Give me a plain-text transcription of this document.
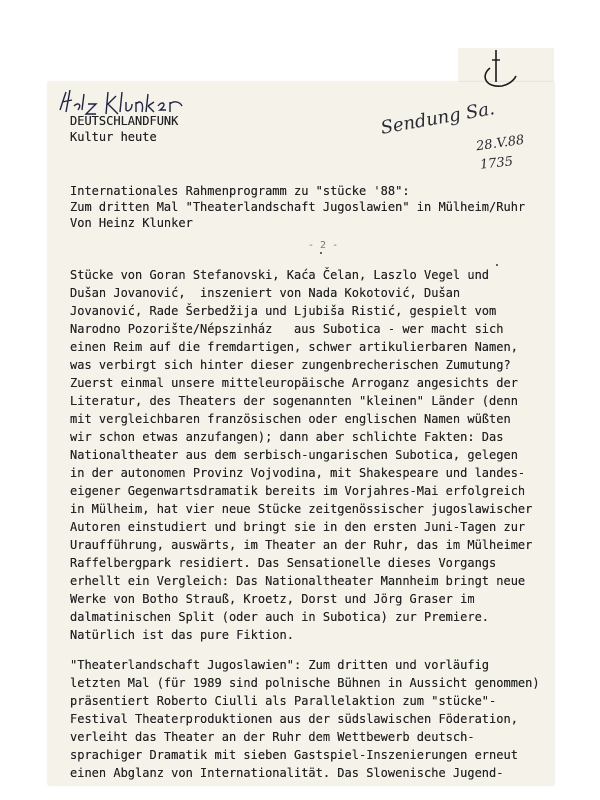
DEUTSCHLANDFUNK

Kultur heute	Sendung Sa.

28.V.88

1735

Internationales Rahmenprogramm zu "stücke '88":

Zum dritten Mal "Theaterlandschaft Jugoslawien" in Mülheim/Ruhr

Von Heinz Klunker

- 2 -

Stücke von Goran Stefanovski, Kaća Čelan, Laszlo Vegel und

Dušan Jovanović,  inszeniert von Nada Kokotović, Dušan

Jovanović, Rade Šerbedžija und Ljubiša Ristić, gespielt vom

Narodno Pozorište/Népszinház   aus Subotica - wer macht sich

einen Reim auf die fremdartigen, schwer artikulierbaren Namen,

was verbirgt sich hinter dieser zungenbrecherischen Zumutung?

Zuerst einmal unsere mitteleuropäische Arroganz angesichts der

Literatur, des Theaters der sogenannten "kleinen" Länder (denn

mit vergleichbaren französischen oder englischen Namen wüßten

wir schon etwas anzufangen); dann aber schlichte Fakten: Das

Nationaltheater aus dem serbisch-ungarischen Subotica, gelegen

in der autonomen Provinz Vojvodina, mit Shakespeare und landes-

eigener Gegenwartsdramatik bereits im Vorjahres-Mai erfolgreich

in Mülheim, hat vier neue Stücke zeitgenössischer jugoslawischer

Autoren einstudiert und bringt sie in den ersten Juni-Tagen zur

Uraufführung, auswärts, im Theater an der Ruhr, das im Mülheimer

Raffelbergpark residiert. Das Sensationelle dieses Vorgangs

erhellt ein Vergleich: Das Nationaltheater Mannheim bringt neue

Werke von Botho Strauß, Kroetz, Dorst und Jörg Graser im

dalmatinischen Split (oder auch in Subotica) zur Premiere.

Natürlich ist das pure Fiktion.

"Theaterlandschaft Jugoslawien": Zum dritten und vorläufig

letzten Mal (für 1989 sind polnische Bühnen in Aussicht genommen)

präsentiert Roberto Ciulli als Parallelaktion zum "stücke"-

Festival Theaterproduktionen aus der südslawischen Föderation,

verleiht das Theater an der Ruhr dem Wettbewerb deutsch-

sprachiger Dramatik mit sieben Gastspiel-Inszenierungen erneut

einen Abglanz von Internationalität. Das Slowenische Jugend-
